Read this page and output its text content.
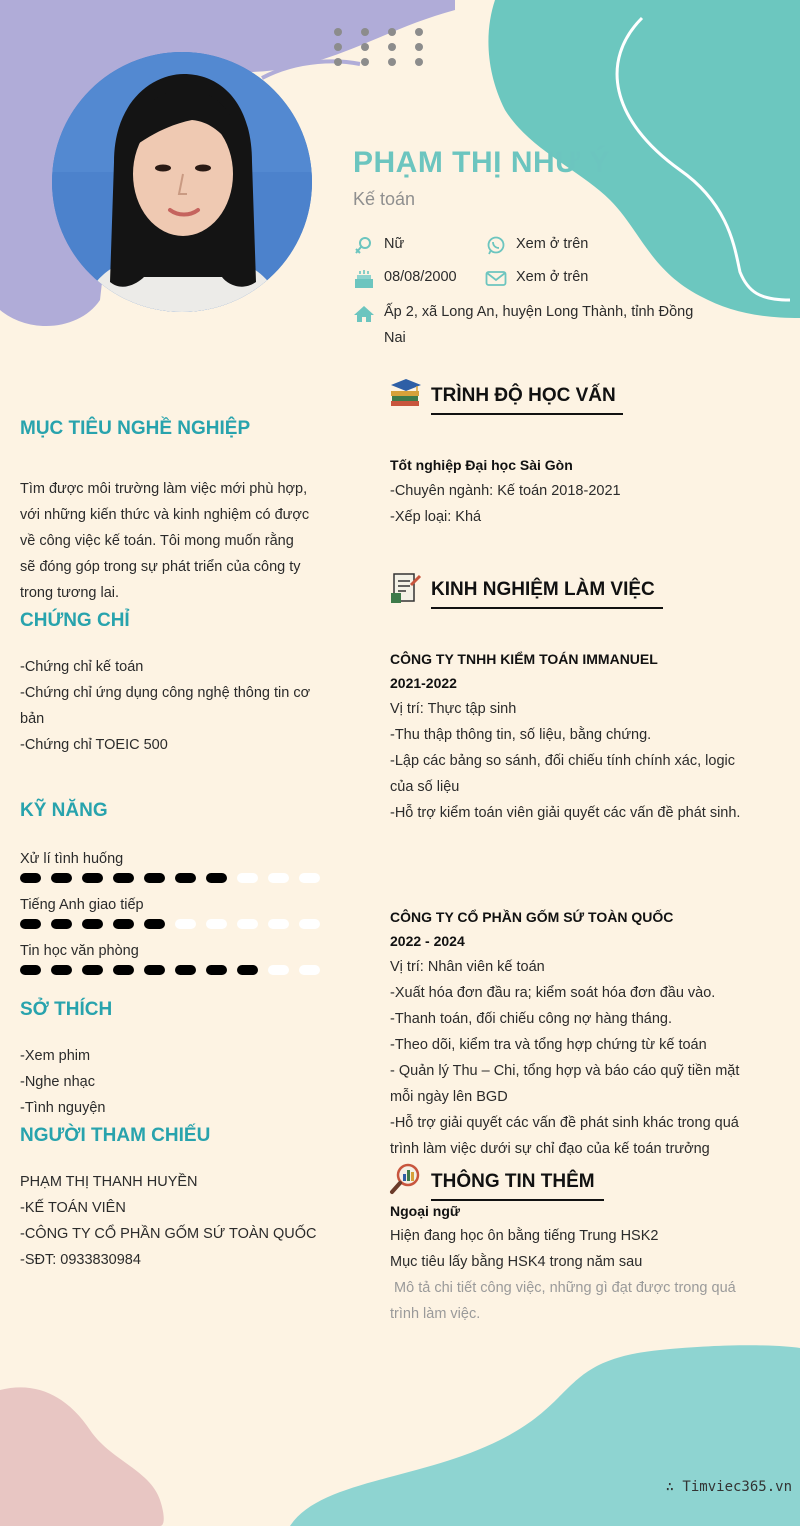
PHẠM THỊ NHƯ Ý
Kế toán
Nữ	Xem ở trên
08/08/2000	Xem ở trên
Ấp 2, xã Long An, huyện Long Thành, tỉnh Đồng
Nai
MỤC TIÊU NGHỀ NGHIỆP
Tìm được môi trường làm việc mới phù hợp,
với những kiến thức và kinh nghiệm có được
về công việc kế toán. Tôi mong muốn rằng
sẽ đóng góp trong sự phát triển của công ty
trong tương lai.
CHỨNG CHỈ
-Chứng chỉ kế toán
-Chứng chỉ ứng dụng công nghệ thông tin cơ
bản
-Chứng chỉ TOEIC 500
KỸ NĂNG
Xử lí tình huống
Tiếng Anh giao tiếp
Tin học văn phòng
SỞ THÍCH
-Xem phim
-Nghe nhạc
-Tình nguyện
NGƯỜI THAM CHIẾU
PHẠM THỊ THANH HUYỀN
-KẾ TOÁN VIÊN
-CÔNG TY CỔ PHẦN GỐM SỨ TOÀN QUỐC
-SĐT: 0933830984
TRÌNH ĐỘ HỌC VẤN
Tốt nghiệp Đại học Sài Gòn
-Chuyên ngành: Kế toán 2018-2021
-Xếp loại: Khá
KINH NGHIỆM LÀM VIỆC
CÔNG TY TNHH KIỂM TOÁN IMMANUEL
2021-2022
Vị trí: Thực tập sinh
-Thu thập thông tin, số liệu, bằng chứng.
-Lập các bảng so sánh, đối chiếu tính chính xác, logic
của số liệu
-Hỗ trợ kiểm toán viên giải quyết các vấn đề phát sinh.
CÔNG TY CỔ PHẦN GỐM SỨ TOÀN QUỐC
2022 - 2024
Vị trí: Nhân viên kế toán
-Xuất hóa đơn đầu ra; kiểm soát hóa đơn đầu vào.
-Thanh toán, đối chiếu công nợ hàng tháng.
-Theo dõi, kiểm tra và tổng hợp chứng từ kế toán
- Quản lý Thu – Chi, tổng hợp và báo cáo quỹ tiền mặt
mỗi ngày lên BGD
-Hỗ trợ giải quyết các vấn đề phát sinh khác trong quá
trình làm việc dưới sự chỉ đạo của kế toán trưởng
THÔNG TIN THÊM
Ngoại ngữ
Hiện đang học ôn bằng tiếng Trung HSK2
Mục tiêu lấy bằng HSK4 trong năm sau
Mô tả chi tiết công việc, những gì đạt được trong quá
trình làm việc.
∴ Timviec365.vn
